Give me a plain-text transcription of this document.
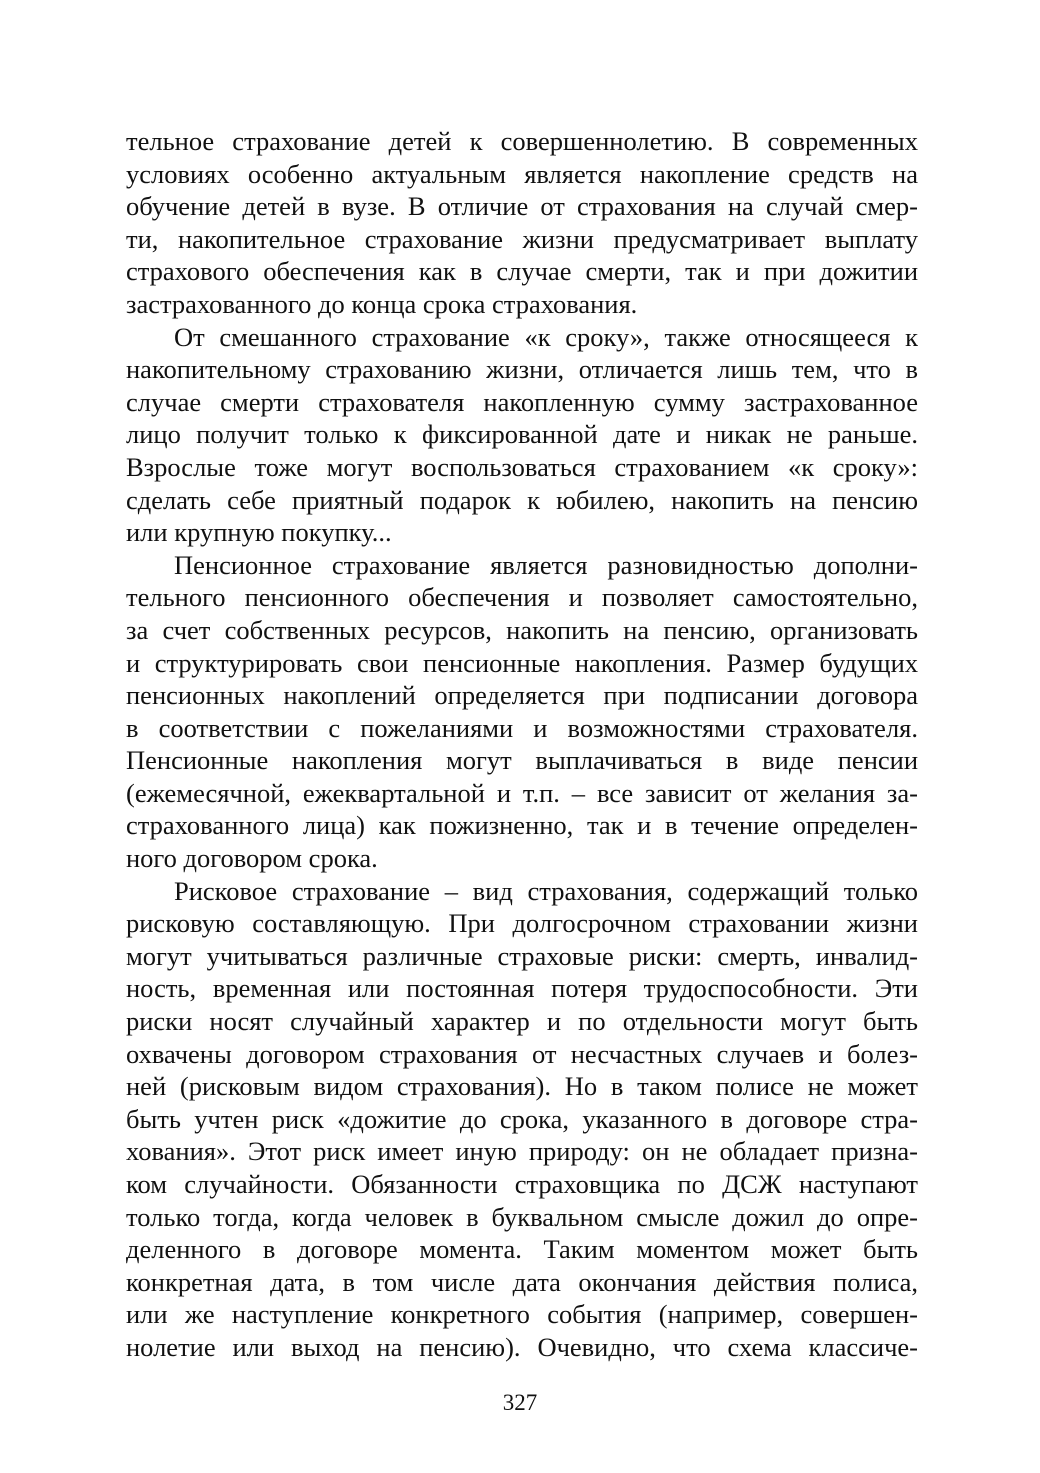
тельное страхование детей к совершеннолетию. В современных
условиях особенно актуальным является накопление средств на
обучение детей в вузе. В отличие от страхования на случай смер-
ти, накопительное страхование жизни предусматривает выплату
страхового обеспечения как в случае смерти, так и при дожитии
застрахованного до конца срока страхования.
От смешанного страхование «к сроку», также относящееся к
накопительному страхованию жизни, отличается лишь тем, что в
случае смерти страхователя накопленную сумму застрахованное
лицо получит только к фиксированной дате и никак не раньше.
Взрослые тоже могут воспользоваться страхованием «к сроку»:
сделать себе приятный подарок к юбилею, накопить на пенсию
или крупную покупку...
Пенсионное страхование является разновидностью дополни-
тельного пенсионного обеспечения и позволяет самостоятельно,
за счет собственных ресурсов, накопить на пенсию, организовать
и структурировать свои пенсионные накопления. Размер будущих
пенсионных накоплений определяется при подписании договора
в соответствии с пожеланиями и возможностями страхователя.
Пенсионные накопления могут выплачиваться в виде пенсии
(ежемесячной, ежеквартальной и т.п. – все зависит от желания за-
страхованного лица) как пожизненно, так и в течение определен-
ного договором срока.
Рисковое страхование – вид страхования, содержащий только
рисковую составляющую. При долгосрочном страховании жизни
могут учитываться различные страховые риски: смерть, инвалид-
ность, временная или постоянная потеря трудоспособности. Эти
риски носят случайный характер и по отдельности могут быть
охвачены договором страхования от несчастных случаев и болез-
ней (рисковым видом страхования). Но в таком полисе не может
быть учтен риск «дожитие до срока, указанного в договоре стра-
хования». Этот риск имеет иную природу: он не обладает призна-
ком случайности. Обязанности страховщика по ДСЖ наступают
только тогда, когда человек в буквальном смысле дожил до опре-
деленного в договоре момента. Таким моментом может быть
конкретная дата, в том числе дата окончания действия полиса,
или же наступление конкретного события (например, совершен-
нолетие или выход на пенсию). Очевидно, что схема классиче-
327
